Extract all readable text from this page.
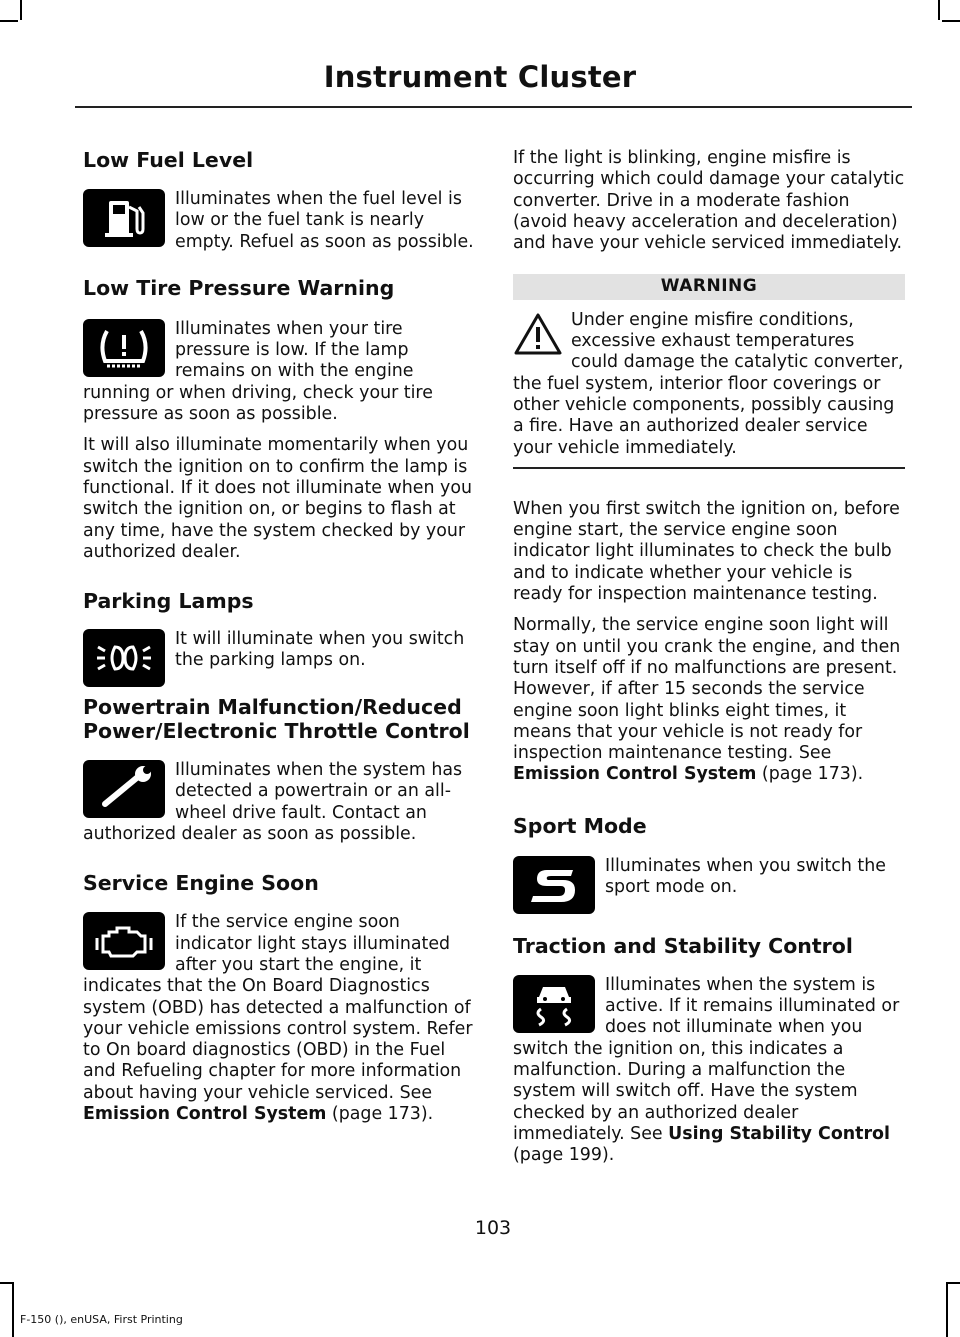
Instrument Cluster
Low Fuel Level

Illuminates when the fuel level is low or the fuel tank is nearly empty. Refuel as soon as possible.

Low Tire Pressure Warning

Illuminates when your tire pressure is low. If the lamp remains on with the engine running or when driving, check your tire pressure as soon as possible.

It will also illuminate momentarily when you switch the ignition on to confirm the lamp is functional. If it does not illuminate when you switch the ignition on, or begins to flash at any time, have the system checked by your authorized dealer.

Parking Lamps

It will illuminate when you switch the parking lamps on.

Powertrain Malfunction/Reduced
Power/Electronic Throttle Control

Illuminates when the system has detected a powertrain or an all-wheel drive fault. Contact an authorized dealer as soon as possible.

Service Engine Soon

If the service engine soon indicator light stays illuminated after you start the engine, it indicates that the On Board Diagnostics system (OBD) has detected a malfunction of your vehicle emissions control system. Refer to On board diagnostics (OBD) in the Fuel and Refueling chapter for more information about having your vehicle serviced. See Emission Control System (page 173).

If the light is blinking, engine misfire is occurring which could damage your catalytic converter. Drive in a moderate fashion (avoid heavy acceleration and deceleration) and have your vehicle serviced immediately.

WARNING

Under engine misfire conditions, excessive exhaust temperatures could damage the catalytic converter, the fuel system, interior floor coverings or other vehicle components, possibly causing a fire. Have an authorized dealer service your vehicle immediately.

When you first switch the ignition on, before engine start, the service engine soon indicator light illuminates to check the bulb and to indicate whether your vehicle is ready for inspection maintenance testing.

Normally, the service engine soon light will stay on until you crank the engine, and then turn itself off if no malfunctions are present. However, if after 15 seconds the service engine soon light blinks eight times, it means that your vehicle is not ready for inspection maintenance testing. See Emission Control System (page 173).

Sport Mode

Illuminates when you switch the sport mode on.

Traction and Stability Control

Illuminates when the system is active. If it remains illuminated or does not illuminate when you switch the ignition on, this indicates a malfunction. During a malfunction the system will switch off. Have the system checked by an authorized dealer immediately. See Using Stability Control (page 199).

103
F-150 (), enUSA, First Printing
